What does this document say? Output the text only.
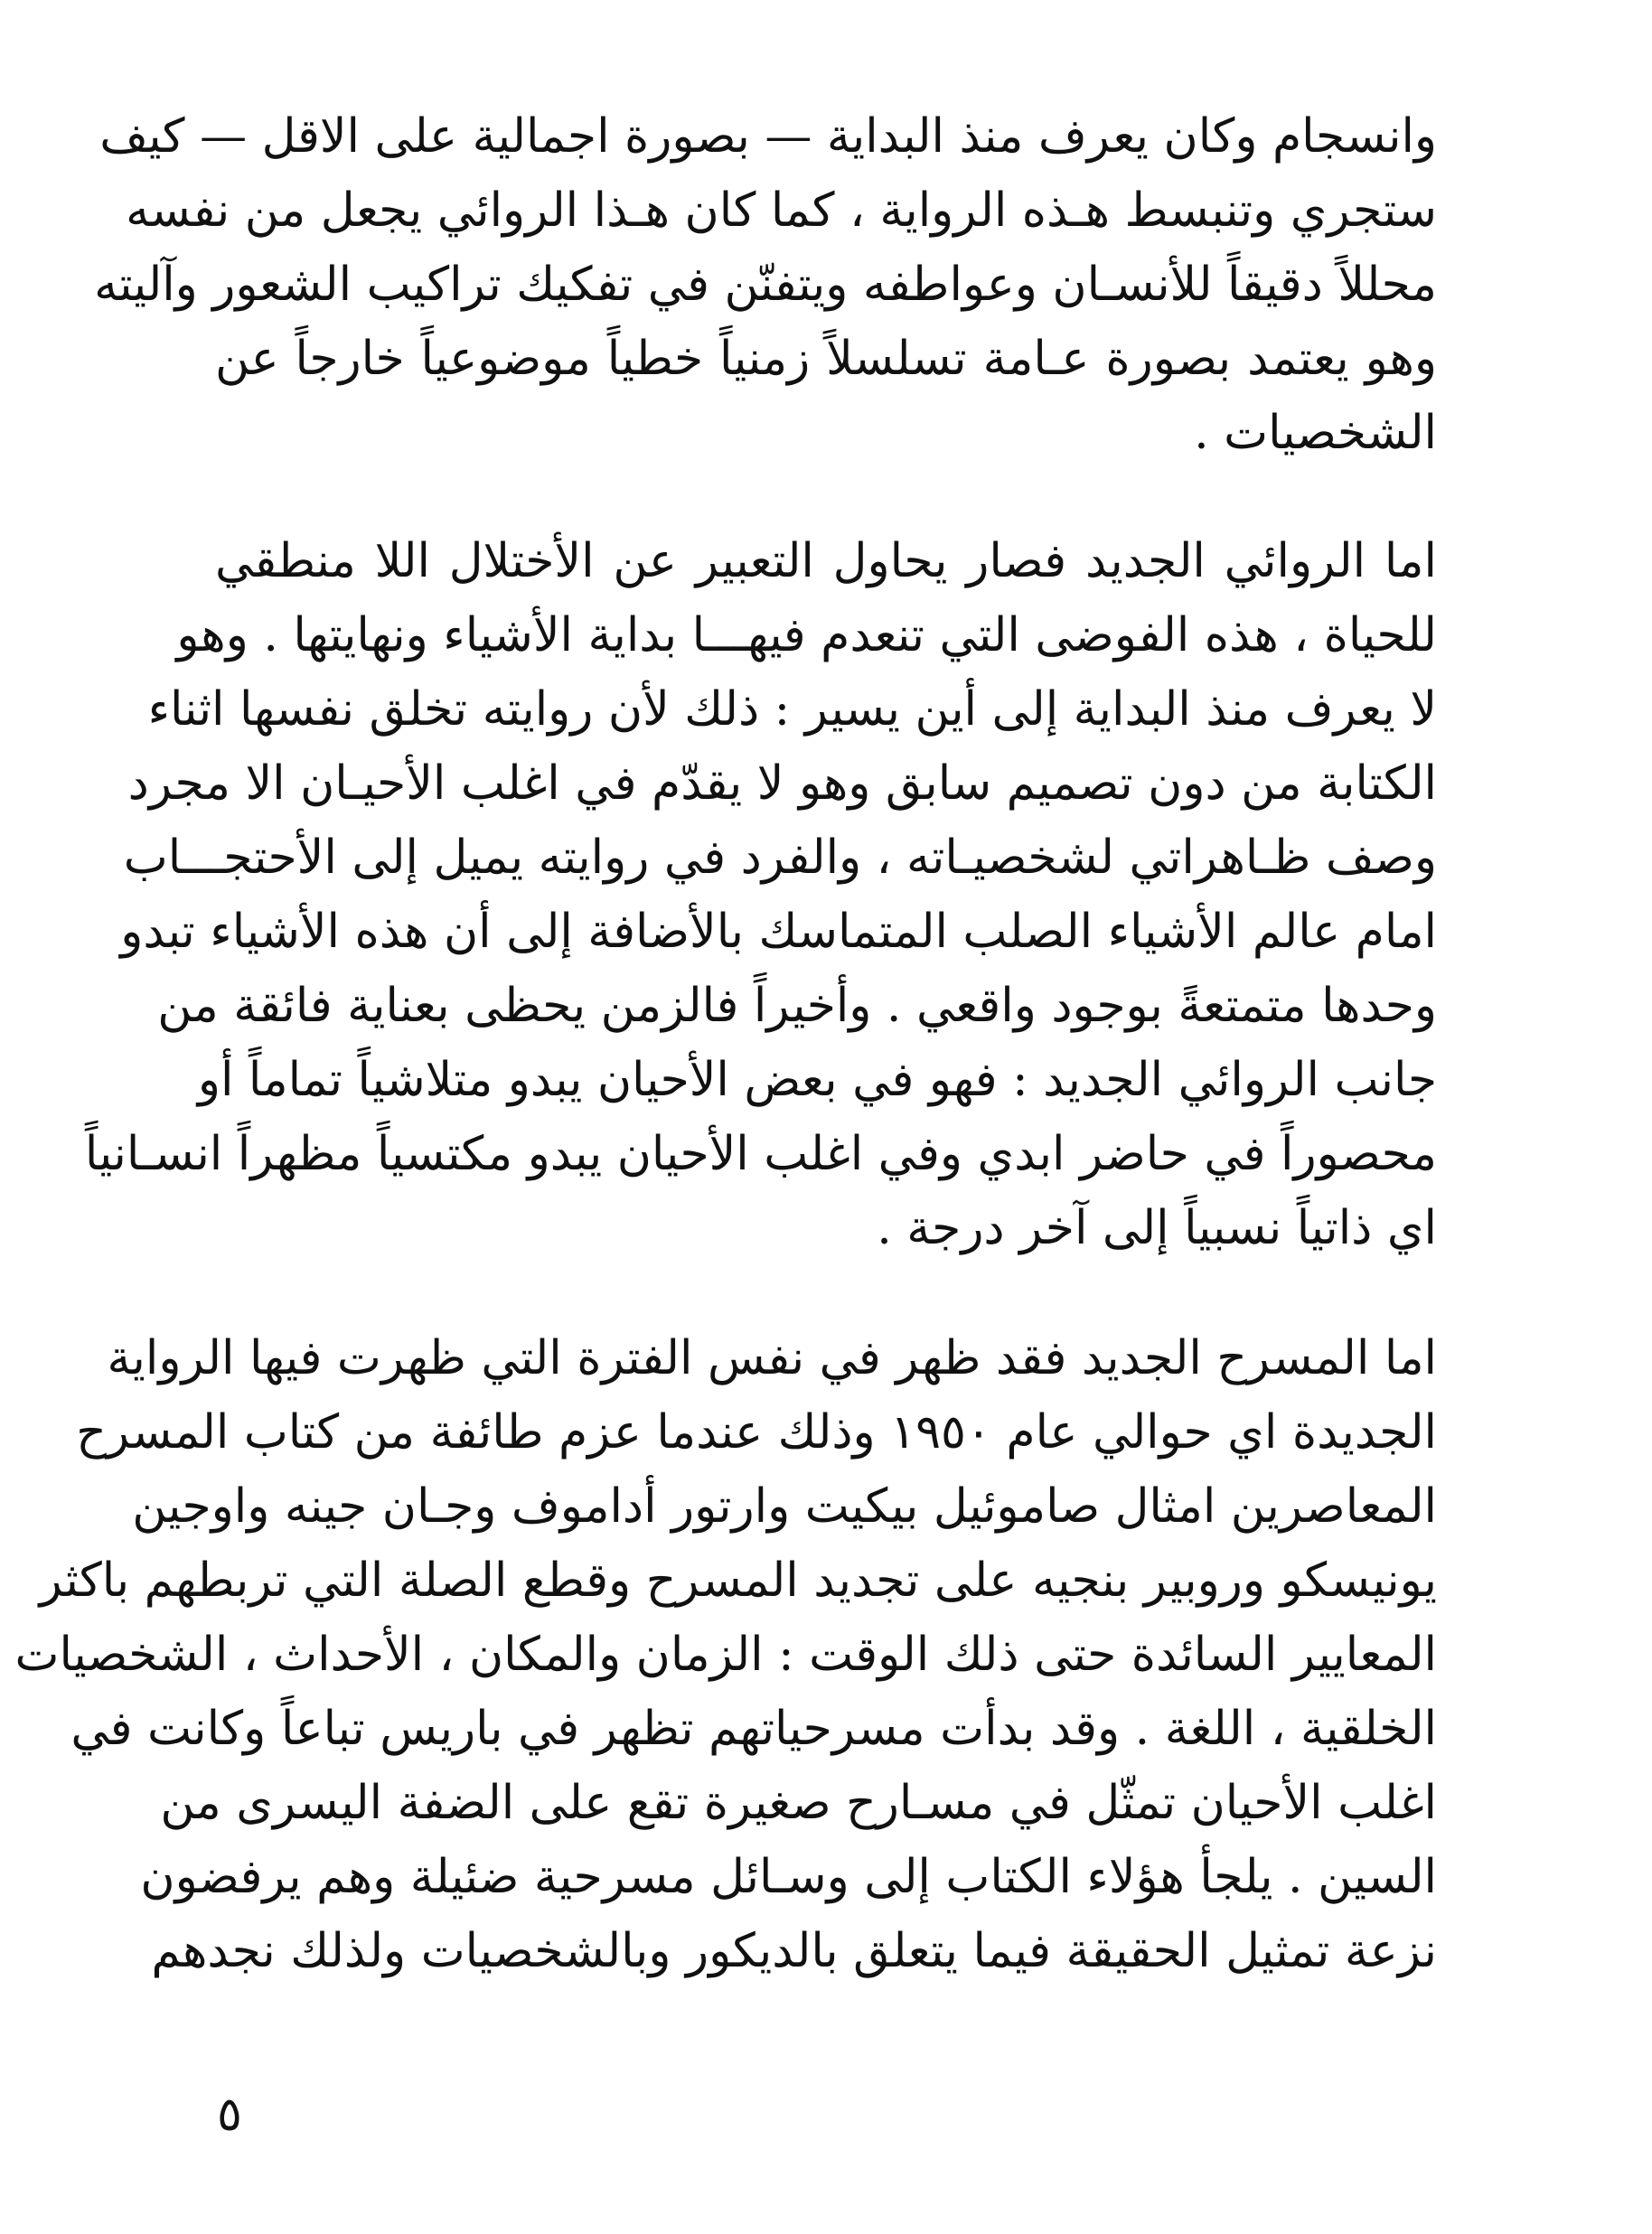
وانسجام وكان يعرف منذ البداية — بصورة اجمالية على الاقل — كيف
ستجري وتنبسط هـذه الرواية ، كما كان هـذا الروائي يجعل من نفسه
محللاً دقيقاً للأنسـان وعواطفه ويتفنّن في تفكيك تراكيب الشعور وآليته
وهو يعتمد بصورة عـامة تسلسلاً زمنياً خطياً موضوعياً خارجاً عن
الشخصيات .
اما الروائي الجديد فصار يحاول التعبير عن الأختلال اللا منطقي
للحياة ، هذه الفوضى التي تنعدم فيهـــا بداية الأشياء ونهايتها . وهو
لا يعرف منذ البداية إلى أين يسير : ذلك لأن روايته تخلق نفسها اثناء
الكتابة من دون تصميم سابق وهو لا يقدّم في اغلب الأحيـان الا مجرد
وصف ظـاهراتي لشخصيـاته ، والفرد في روايته يميل إلى الأحتجـــاب
امام عالم الأشياء الصلب المتماسك بالأضافة إلى أن هذه الأشياء تبدو
وحدها متمتعةً بوجود واقعي . وأخيراً فالزمن يحظى بعناية فائقة من
جانب الروائي الجديد : فهو في بعض الأحيان يبدو متلاشياً تماماً أو
محصوراً في حاضر ابدي وفي اغلب الأحيان يبدو مكتسياً مظهراً انسـانياً
اي ذاتياً نسبياً إلى آخر درجة .
اما المسرح الجديد فقد ظهر في نفس الفترة التي ظهرت فيها الرواية
الجديدة اي حوالي عام ١٩٥٠ وذلك عندما عزم طائفة من كتاب المسرح
المعاصرين امثال صاموئيل بيكيت وارتور أداموف وجـان جينه واوجين
يونيسكو وروبير بنجيه على تجديد المسرح وقطع الصلة التي تربطهم باكثر
المعايير السائدة حتى ذلك الوقت : الزمان والمكان ، الأحداث ، الشخصيات
الخلقية ، اللغة . وقد بدأت مسرحياتهم تظهر في باريس تباعاً وكانت في
اغلب الأحيان تمثّل في مسـارح صغيرة تقع على الضفة اليسرى من
السين . يلجأ هؤلاء الكتاب إلى وسـائل مسرحية ضئيلة وهم يرفضون
نزعة تمثيل الحقيقة فيما يتعلق بالديكور وبالشخصيات ولذلك نجدهم
٥
